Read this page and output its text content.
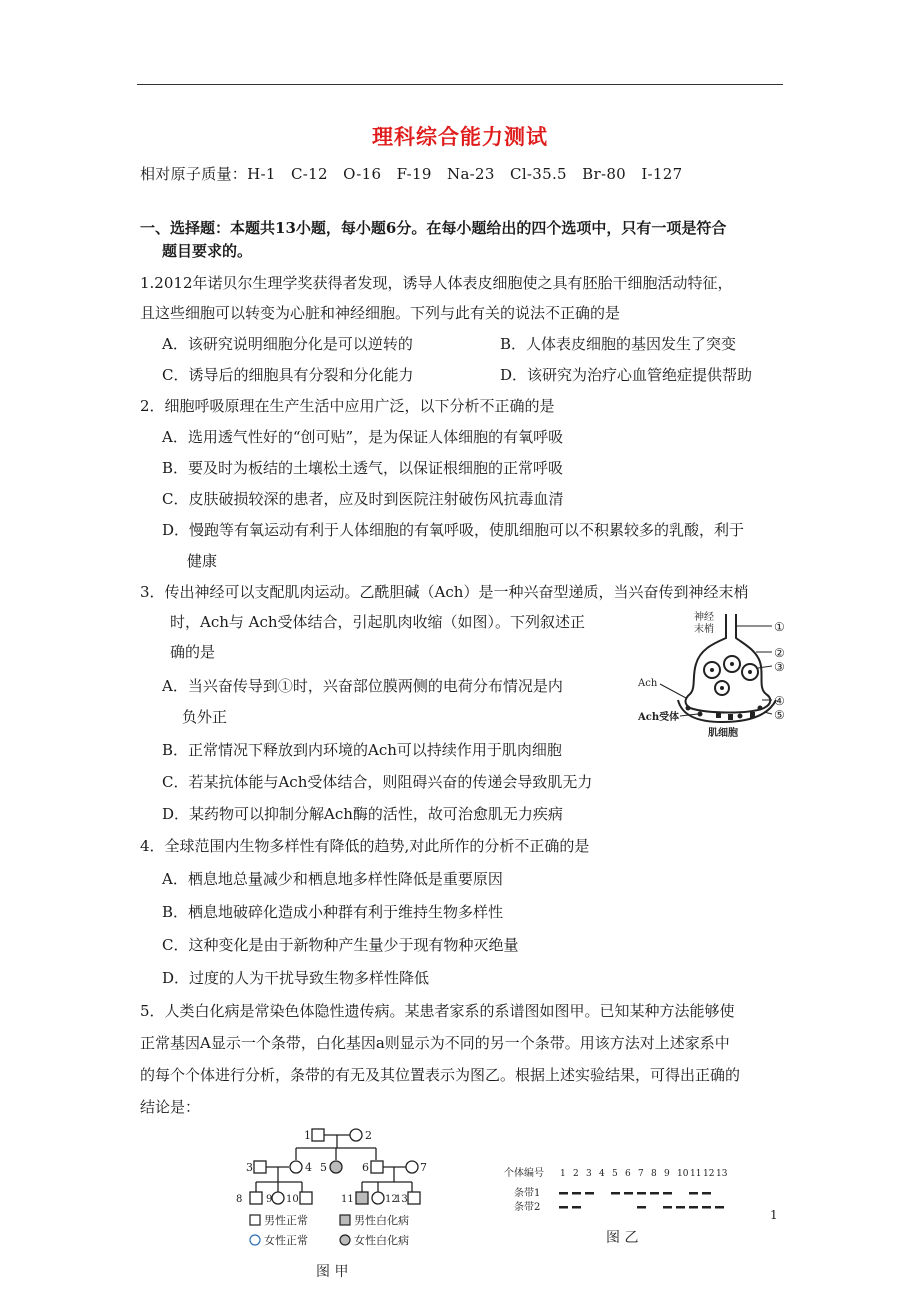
理科综合能力测试
相对原子质量：H-1　C-12　O-16　F-19　Na-23　Cl-35.5　Br-80　I-127
一、选择题：本题共13小题，每小题6分。在每小题给出的四个选项中，只有一项是符合
题目要求的。
1.2012年诺贝尔生理学奖获得者发现，诱导人体表皮细胞使之具有胚胎干细胞活动特征，
且这些细胞可以转变为心脏和神经细胞。下列与此有关的说法不正确的是
A．该研究说明细胞分化是可以逆转的	B．人体表皮细胞的基因发生了突变
C．诱导后的细胞具有分裂和分化能力	D．该研究为治疗心血管绝症提供帮助
2．细胞呼吸原理在生产生活中应用广泛，以下分析不正确的是
A．选用透气性好的“创可贴”，是为保证人体细胞的有氧呼吸
B．要及时为板结的土壤松土透气，以保证根细胞的正常呼吸
C．皮肤破损较深的患者，应及时到医院注射破伤风抗毒血清
D．慢跑等有氧运动有利于人体细胞的有氧呼吸，使肌细胞可以不积累较多的乳酸，利于
健康
3．传出神经可以支配肌肉运动。乙酰胆碱（Ach）是一种兴奋型递质，当兴奋传到神经末梢
时，Ach与 Ach受体结合，引起肌肉收缩（如图）。下列叙述正
确的是
A．当兴奋传导到①时，兴奋部位膜两侧的电荷分布情况是内
负外正
B．正常情况下释放到内环境的Ach可以持续作用于肌肉细胞
C．若某抗体能与Ach受体结合，则阻碍兴奋的传递会导致肌无力
D．某药物可以抑制分解Ach酶的活性，故可治愈肌无力疾病
神经
末梢
Ach
Ach受体
肌细胞
①
②
③
④
⑤
4．全球范围内生物多样性有降低的趋势,对此所作的分析不正确的是
A．栖息地总量减少和栖息地多样性降低是重要原因
B．栖息地破碎化造成小种群有利于维持生物多样性
C．这种变化是由于新物种产生量少于现有物种灭绝量
D．过度的人为干扰导致生物多样性降低
5．人类白化病是常染色体隐性遗传病。某患者家系的系谱图如图甲。已知某种方法能够使
正常基因A显示一个条带，白化基因a则显示为不同的另一个条带。用该方法对上述家系中
的每个个体进行分析，条带的有无及其位置表示为图乙。根据上述实验结果，可得出正确的
结论是：
1	2
3	4 5	6	7
8 9 10	11	12
13
男性正常	男性白化病
女性正常	女性白化病
图 甲
个体编号 1 2 3 4 5 6 7 8 9 10 11 12 13
条带1
条带2
图 乙
1
